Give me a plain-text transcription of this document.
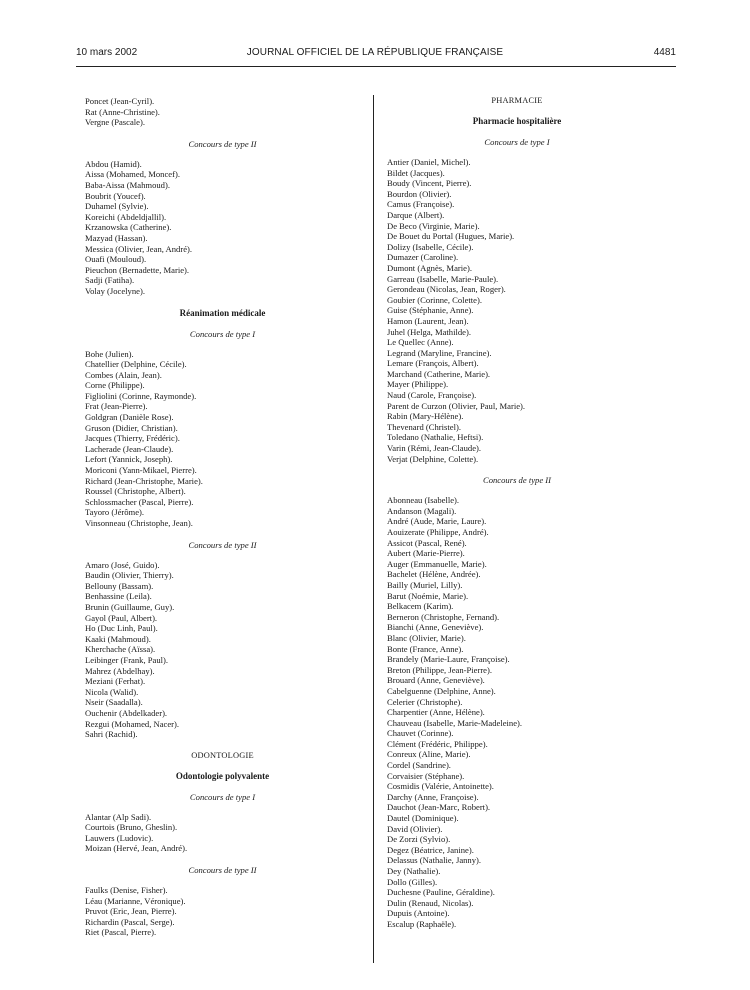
10 mars 2002	JOURNAL OFFICIEL DE LA RÉPUBLIQUE FRANÇAISE	4481
Poncet (Jean-Cyril).
Rat (Anne-Christine).
Vergne (Pascale).
Concours de type II
Abdou (Hamid).
Aissa (Mohamed, Moncef).
Baba-Aissa (Mahmoud).
Boubrit (Youcef).
Duhamel (Sylvie).
Koreichi (Abdeldjallil).
Krzanowska (Catherine).
Mazyad (Hassan).
Messica (Olivier, Jean, André).
Ouafi (Mouloud).
Pieuchon (Bernadette, Marie).
Sadji (Fatiha).
Volay (Jocelyne).
Réanimation médicale
Concours de type I
Bohe (Julien).
Chatellier (Delphine, Cécile).
Combes (Alain, Jean).
Corne (Philippe).
Figliolini (Corinne, Raymonde).
Frat (Jean-Pierre).
Goldgran (Danièle Rose).
Gruson (Didier, Christian).
Jacques (Thierry, Frédéric).
Lacherade (Jean-Claude).
Lefort (Yannick, Joseph).
Moriconi (Yann-Mikael, Pierre).
Richard (Jean-Christophe, Marie).
Roussel (Christophe, Albert).
Schlossmacher (Pascal, Pierre).
Tayoro (Jérôme).
Vinsonneau (Christophe, Jean).
Concours de type II
Amaro (José, Guido).
Baudin (Olivier, Thierry).
Bellouny (Bassam).
Benhassine (Leila).
Brunin (Guillaume, Guy).
Gayol (Paul, Albert).
Ho (Duc Linh, Paul).
Kaaki (Mahmoud).
Kherchache (Aïssa).
Leibinger (Frank, Paul).
Mahrez (Abdelhay).
Meziani (Ferhat).
Nicola (Walid).
Nseir (Saadalla).
Ouchenir (Abdelkader).
Rezgui (Mohamed, Nacer).
Sahri (Rachid).
ODONTOLOGIE
Odontologie polyvalente
Concours de type I
Alantar (Alp Sadi).
Courtois (Bruno, Gheslin).
Lauwers (Ludovic).
Moizan (Hervé, Jean, André).
Concours de type II
Faulks (Denise, Fisher).
Léau (Marianne, Véronique).
Pruvot (Eric, Jean, Pierre).
Richardin (Pascal, Serge).
Riet (Pascal, Pierre).
PHARMACIE
Pharmacie hospitalière
Concours de type I
Antier (Daniel, Michel).
Bildet (Jacques).
Boudy (Vincent, Pierre).
Bourdon (Olivier).
Camus (Françoise).
Darque (Albert).
De Beco (Virginie, Marie).
De Bouet du Portal (Hugues, Marie).
Dolizy (Isabelle, Cécile).
Dumazer (Caroline).
Dumont (Agnès, Marie).
Garreau (Isabelle, Marie-Paule).
Gerondeau (Nicolas, Jean, Roger).
Goubier (Corinne, Colette).
Guise (Stéphanie, Anne).
Hamon (Laurent, Jean).
Juhel (Helga, Mathilde).
Le Quellec (Anne).
Legrand (Maryline, Francine).
Lemare (François, Albert).
Marchand (Catherine, Marie).
Mayer (Philippe).
Naud (Carole, Françoise).
Parent de Curzon (Olivier, Paul, Marie).
Rabin (Mary-Hélène).
Thevenard (Christel).
Toledano (Nathalie, Heftsi).
Varin (Rémi, Jean-Claude).
Verjat (Delphine, Colette).
Concours de type II
Abonneau (Isabelle).
Andanson (Magali).
André (Aude, Marie, Laure).
Aouizerate (Philippe, André).
Assicot (Pascal, René).
Aubert (Marie-Pierre).
Auger (Emmanuelle, Marie).
Bachelet (Hélène, Andrée).
Bailly (Muriel, Lilly).
Barut (Noémie, Marie).
Belkacem (Karim).
Berneron (Christophe, Fernand).
Bianchi (Anne, Geneviève).
Blanc (Olivier, Marie).
Bonte (France, Anne).
Brandely (Marie-Laure, Françoise).
Breton (Philippe, Jean-Pierre).
Brouard (Anne, Geneviève).
Cabelguenne (Delphine, Anne).
Celerier (Christophe).
Charpentier (Anne, Hélène).
Chauveau (Isabelle, Marie-Madeleine).
Chauvet (Corinne).
Clément (Frédéric, Philippe).
Conreux (Aline, Marie).
Cordel (Sandrine).
Corvaisier (Stéphane).
Cosmidis (Valérie, Antoinette).
Darchy (Anne, Françoise).
Dauchot (Jean-Marc, Robert).
Dautel (Dominique).
David (Olivier).
De Zorzi (Sylvio).
Degez (Béatrice, Janine).
Delassus (Nathalie, Janny).
Dey (Nathalie).
Dollo (Gilles).
Duchesne (Pauline, Géraldine).
Dulin (Renaud, Nicolas).
Dupuis (Antoine).
Escalup (Raphaële).
